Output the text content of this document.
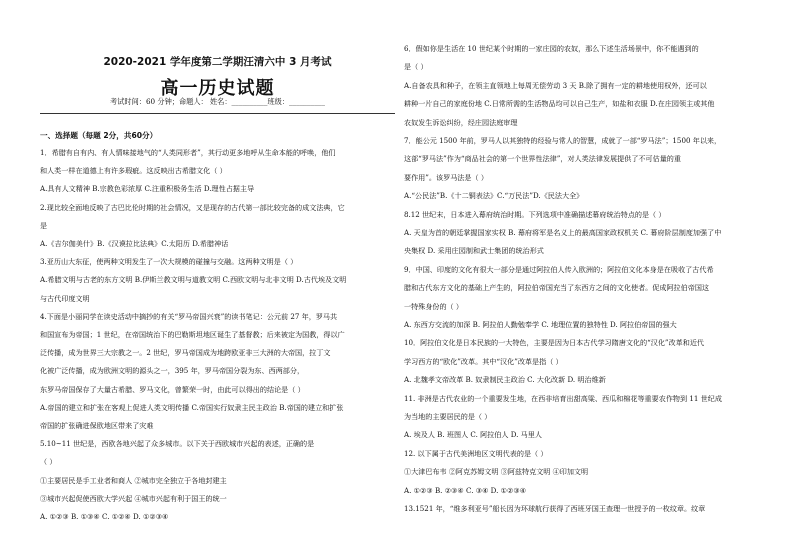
2020-2021 学年度第二学期汪清六中 3 月考试
高一历史试题
考试时间：60 分钟；命题人： 姓名：__________班级：__________
一、选择题（每题 2分，共60分）
1．希腊有自有内、有人情味接地气的“人类同形者”，其行动更多地呼从生命本能的呼唤，他们
和人类一样在道德上有许多瑕疵。这反映出古希腊文化（ ）
A.具有人文精神 B.宗教色彩浓厚 C.注重积极务生活 D.理性占据主导
2.现比较全面地反映了古巴比伦时期的社会情况，又是现存的古代第一部比较完备的成文法典，它
是
A.《吉尔伽美什》B.《汉谟拉比法典》C.太阳历 D.希腊神话
3.亚历山大东征，使两种文明发生了一次大规模的碰撞与交融。这两种文明是（ ）
A.希腊文明与古老的东方文明 B.伊斯兰教文明与道教文明 C.西欧文明与北非文明 D.古代埃及文明
与古代印度文明
4.下面是小丽同学在读史活动中摘抄的有关“罗马帝国兴衰”的读书笔记：公元前 27 年，罗马共
和国宣布为帝国；1 世纪，在帝国统治下的巴勒斯坦地区诞生了基督教；后来被定为国教，得以广
泛传播，成为世界三大宗教之一。2 世纪，罗马帝国成为地跨欧亚非三大洲的大帝国，拉丁文
化被广泛传播，成为欧洲文明的源头之一，395 年，罗马帝国分裂为东、西两部分，
东罗马帝国保存了大量古希腊、罗马文化，曾繁荣一时，由此可以得出的结论是（ ）
A.帝国的建立和扩张在客观上促进人类文明传播 C.帝国实行奴隶主民主政治 B.帝国的建立和扩张
帝国的扩张确进保欧地区带来了灾难
5.10~11 世纪是，西欧各地兴起了众多城市。以下关于西欧城市兴起的表述，正确的是
（ ）
①主要居民是手工业者和商人 ②城市完全独立于各地封建主
③城市兴起促使西欧大学兴起 ④城市兴起有利于国王的统一
A. ①②③ B. ①③④ C. ①②④ D. ①②③④
6．假如你是生活在 10 世纪某个时期的一家庄园的农奴，那么下述生活场景中，你不能遇到的
是（ ）
A.自备农具和种子，在领主直领地上每周无偿劳动 3 天 B.除了拥有一定的耕地使用权外，还可以
耕种一片自己的家庭份地 C.日常所需的生活物品均可以自己生产，如盐和衣服 D.在庄园领主或其他
农奴发生诉讼纠纷，经庄园法庭审理
7．能公元 1500 年前，罗马人以其独特的经验与常人的智慧，成就了一部“罗马法”；1500 年以来，
这部“罗马法”作为“商品社会的第一个世界性法律”，对人类法律发展提供了不可估量的重
要作用”。该罗马法是（ ）
A.“公民法”B.《十二铜表法》C.“万民法”D.《民法大全》
8.12 世纪末，日本进入幕府统治时期。下列选项中准确描述幕府统治特点的是（ ）
A. 天皇为首的朝廷掌握国家实权 B. 幕府将军是名义上的最高国家政权机关 C. 幕府阶层制度加强了中
央集权 D. 采用庄园制和武士集团的统治形式
9．中国、印度的文化有很大一部分是通过阿拉伯人传入欧洲的；阿拉伯文化本身是在吸收了古代希
腊和古代东方文化的基础上产生的，阿拉伯帝国充当了东西方之间的文化使者。促成阿拉伯帝国这
一特殊身份的（ ）
A. 东西方交流的加深 B. 阿拉伯人勤勉奉学 C. 地理位置的独特性 D. 阿拉伯帝国的强大
10．阿拉伯文化是日本民族的一大特色，主要是因为日本古代学习隋唐文化的“汉化”改革和近代
学习西方的“欧化”改革。其中“汉化”改革是指（ ）
A. 北魏孝文帝改革 B. 奴隶制民主政治 C. 大化改新 D. 明治维新
11. 非洲是古代农业的一个重要发生地，在西非培育出甜高粱、西瓜和棉花等重要农作物到 11 世纪成
为当地的主要居民的是（ ）
A. 埃及人 B. 班图人 C. 阿拉伯人 D. 马里人
12. 以下属于古代美洲地区文明代表的是（ ）
①大津巴布韦 ②阿克苏姆文明 ③阿兹特克文明 ④印加文明
A. ①②③ B. ②③④ C. ③④ D. ①②③④
13.1521 年，“维多利亚号”船长因为环球航行获得了西班牙国王查理一世授予的一枚纹章。纹章
